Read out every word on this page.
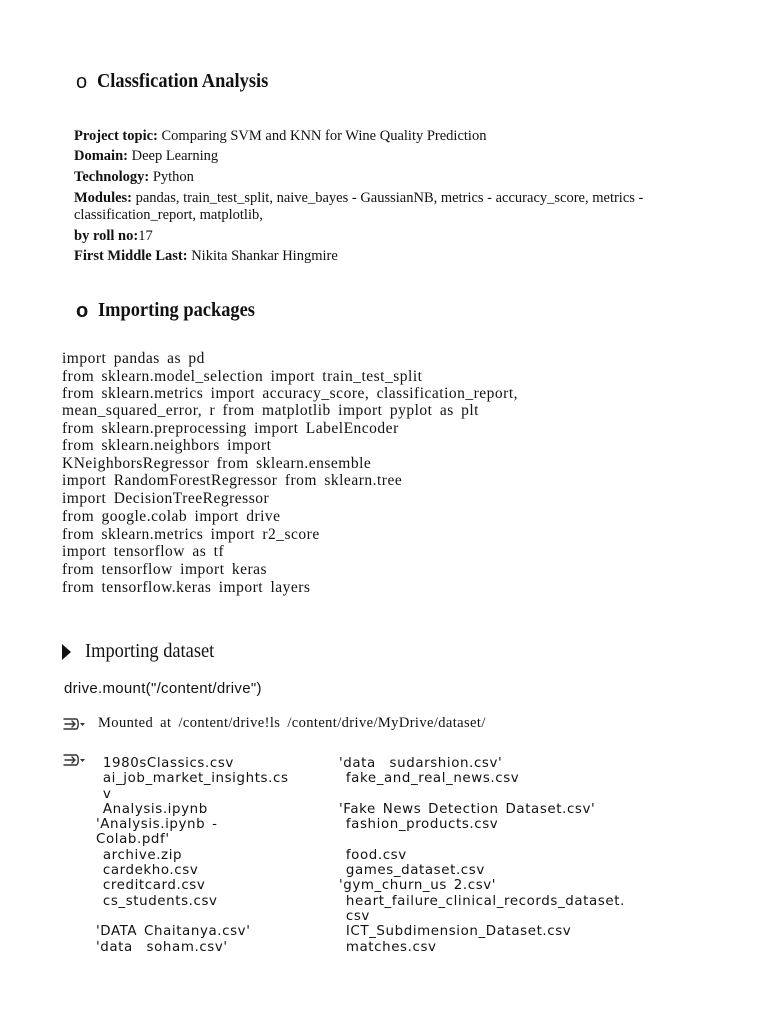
o Classfication Analysis
Project topic: Comparing SVM and KNN for Wine Quality Prediction
Domain: Deep Learning
Technology: Python
Modules: pandas, train_test_split, naive_bayes - GaussianNB, metrics - accuracy_score, metrics - classification_report, matplotlib,
by roll no:17
First Middle Last: Nikita Shankar Hingmire
o Importing packages
import pandas as pd
from sklearn.model_selection import train_test_split
from sklearn.metrics import accuracy_score, classification_report,
mean_squared_error, r from matplotlib import pyplot as plt
from sklearn.preprocessing import LabelEncoder
from sklearn.neighbors import
KNeighborsRegressor from sklearn.ensemble
import RandomForestRegressor from sklearn.tree
import DecisionTreeRegressor
from google.colab import drive
from sklearn.metrics import r2_score
import tensorflow as tf
from tensorflow import keras
from tensorflow.keras import layers
Importing dataset
drive.mount("/content/drive")
Mounted at /content/drive!ls /content/drive/MyDrive/dataset/
1980sClassics.csv
ai_job_market_insights.cs
v
Analysis.ipynb
'Analysis.ipynb -
Colab.pdf'
archive.zip
cardekho.csv
creditcard.csv
cs_students.csv

'DATA Chaitanya.csv'
'data  soham.csv'
'data  sudarshion.csv'
fake_and_real_news.csv

'Fake News Detection Dataset.csv'
fashion_products.csv

food.csv
games_dataset.csv
'gym_churn_us 2.csv'
heart_failure_clinical_records_dataset.
csv
ICT_Subdimension_Dataset.csv
matches.csv
